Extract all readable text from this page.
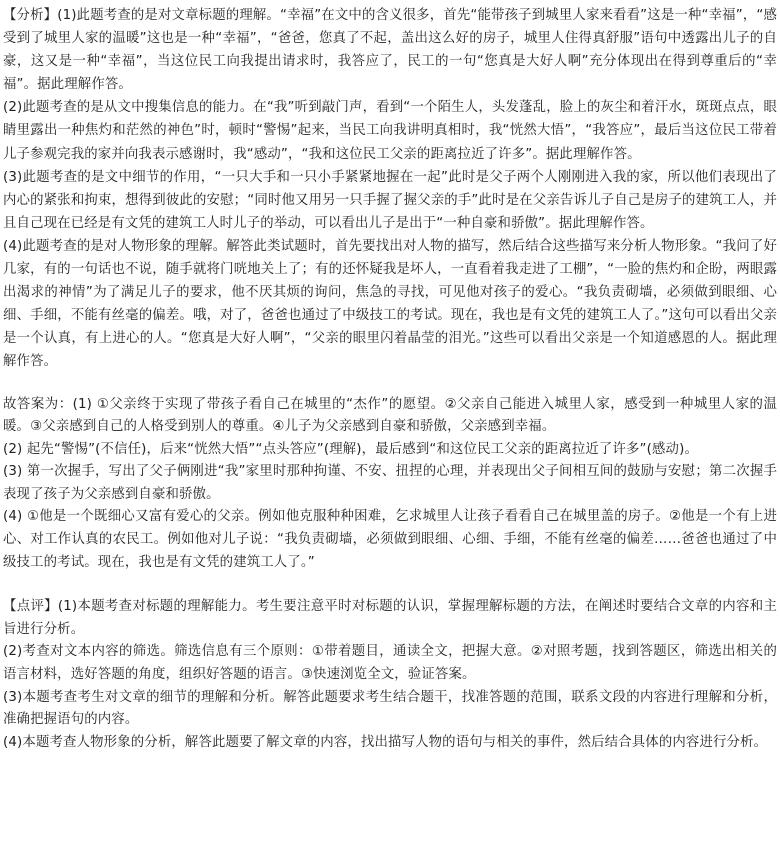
【分析】(1)此题考查的是对文章标题的理解。“幸福”在文中的含义很多，首先“能带孩子到城里人家来看看”这是一种“幸福”，“感受到了城里人家的温暖”这也是一种“幸福”，“爸爸，您真了不起，盖出这么好的房子，城里人住得真舒服”语句中透露出儿子的自豪，这又是一种“幸福”，当这位民工向我提出请求时，我答应了，民工的一句“您真是大好人啊”充分体现出在得到尊重后的“幸福”。据此理解作答。

(2)此题考查的是从文中搜集信息的能力。在“我”听到敲门声，看到“一个陌生人，头发蓬乱，脸上的灰尘和着汗水，斑斑点点，眼睛里露出一种焦灼和茫然的神色”时，顿时“警惕”起来，当民工向我讲明真相时，我“恍然大悟”，“我答应”，最后当这位民工带着儿子参观完我的家并向我表示感谢时，我“感动”，“我和这位民工父亲的距离拉近了许多”。据此理解作答。

(3)此题考查的是文中细节的作用，“一只大手和一只小手紧紧地握在一起”此时是父子两个人刚刚进入我的家，所以他们表现出了内心的紧张和拘束，想得到彼此的安慰；“同时他又用另一只手握了握父亲的手”此时是在父亲告诉儿子自己是房子的建筑工人，并且自己现在已经是有文凭的建筑工人时儿子的举动，可以看出儿子是出于“一种自豪和骄傲”。据此理解作答。

(4)此题考查的是对人物形象的理解。解答此类试题时，首先要找出对人物的描写，然后结合这些描写来分析人物形象。“我问了好几家，有的一句话也不说，随手就将门咣地关上了；有的还怀疑我是坏人，一直看着我走进了工棚”，“一脸的焦灼和企盼，两眼露出渴求的神情”为了满足儿子的要求，他不厌其烦的询问，焦急的寻找，可见他对孩子的爱心。“我负责砌墙，必须做到眼细、心细、手细，不能有丝毫的偏差。哦，对了，爸爸也通过了中级技工的考试。现在，我也是有文凭的建筑工人了。”这句可以看出父亲是一个认真，有上进心的人。“您真是大好人啊”，“父亲的眼里闪着晶莹的泪光。”这些可以看出父亲是一个知道感恩的人。据此理解作答。

故答案为：(1) ①父亲终于实现了带孩子看自己在城里的“杰作”的愿望。②父亲自己能进入城里人家，感受到一种城里人家的温暖。③父亲感到自己的人格受到别人的尊重。④儿子为父亲感到自豪和骄傲，父亲感到幸福。

(2) 起先“警惕”(不信任)，后来“恍然大悟”“点头答应”(理解)，最后感到“和这位民工父亲的距离拉近了许多”(感动)。

(3) 第一次握手，写出了父子俩刚进“我”家里时那种拘谨、不安、扭捏的心理，并表现出父子间相互间的鼓励与安慰；第二次握手表现了孩子为父亲感到自豪和骄傲。

(4) ①他是一个既细心又富有爱心的父亲。例如他克服种种困难，乞求城里人让孩子看看自己在城里盖的房子。②他是一个有上进心、对工作认真的农民工。例如他对儿子说：“我负责砌墙，必须做到眼细、心细、手细，不能有丝毫的偏差……爸爸也通过了中级技工的考试。现在，我也是有文凭的建筑工人了。”

【点评】(1)本题考查对标题的理解能力。考生要注意平时对标题的认识，掌握理解标题的方法，在阐述时要结合文章的内容和主旨进行分析。

(2)考查对文本内容的筛选。筛选信息有三个原则：①带着题目，通读全文，把握大意。②对照考题，找到答题区，筛选出相关的语言材料，选好答题的角度，组织好答题的语言。③快速浏览全文，验证答案。

(3)本题考查考生对文章的细节的理解和分析。解答此题要求考生结合题干，找准答题的范围，联系文段的内容进行理解和分析，准确把握语句的内容。

(4)本题考查人物形象的分析，解答此题要了解文章的内容，找出描写人物的语句与相关的事件，然后结合具体的内容进行分析。
